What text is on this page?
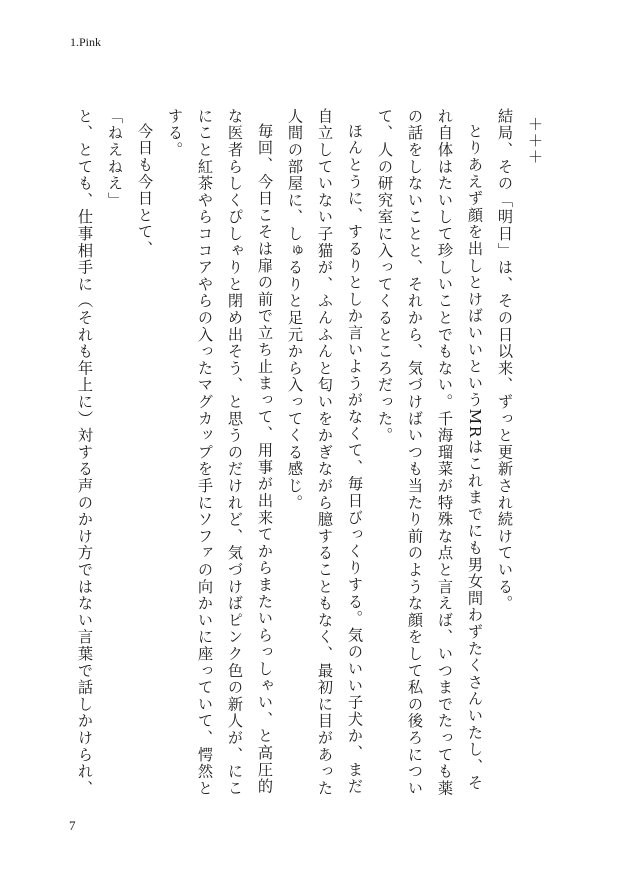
1.Pink

＋＋＋

結局、その「明日」は、その日以来、ずっと更新され続けている。

とりあえず顔を出しとけばいいというMRはこれまでにも男女問わずたくさんいたし、それ自体はたいして珍しいことでもない。千海瑠菜が特殊な点と言えば、いつまでたっても薬の話をしないことと、それから、気づけばいつも当たり前のような顔をして私の後ろについて、人の研究室に入ってくるところだった。

ほんとうに、するりとしか言いようがなくて、毎日びっくりする。気のいい子犬か、まだ自立していない子猫が、ふんふんと匂いをかぎながら臆することもなく、最初に目があった人間の部屋に、しゅるりと足元から入ってくる感じ。

毎回、今日こそは扉の前で立ち止まって、用事が出来てからまたいらっしゃい、と高圧的な医者らしくぴしゃりと閉め出そう、と思うのだけれど、気づけばピンク色の新人が、にこにこと紅茶やらココアやらの入ったマグカップを手にソファの向かいに座っていて、愕然とする。

今日も今日とて、

「ねえねえ」

と、とても、仕事相手に（それも年上に）対する声のかけ方ではない言葉で話しかけられ、

7
